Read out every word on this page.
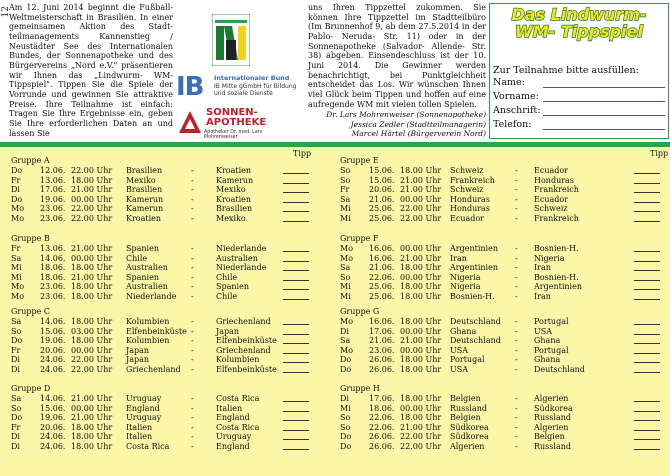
12
Am 12. Juni 2014 beginnt die Fußball- Weltmeisterschaft in Brasilien. In einer gemeinsamen Aktion des Stadt-teilmanagements Kannenstieg / Neustädter See des Internationalen Bundes, der Sonnenapotheke und des Bürgervereins „Nord e.V." präsentieren wir Ihnen das „Lindwurm- WM- Tippspiel". Tippen Sie die Spiele der Vorrunde und gewinnen Sie attraktive Preise. Ihre Teilnahme ist einfach: Tragen Sie Ihre Ergebnisse ein, geben Sie Ihre erforderlichen Daten an und lassen Sie
IB Internationaler Bund
IB Mitte gGmbH für Bildung und soziale Dienste
SONNEN-
APOTHEKE
Apotheker Dr. med. Lars Mohrenweiser
uns Ihren Tippzettel zukommen. Sie können Ihre Tippzettel im Stadtteilbüro (Im Brunnenhof 9, ab dem 27.5.2014 in der Pablo- Neruda- Str. 11) oder in der Sonnenapotheke (Salvador- Allende- Str. 38) abgeben. Einsendeschluss ist der 10. Juni 2014. Die Gewinner werden benachrichtigt, bei Punktgleichheit entscheidet das Los. Wir wünschen Ihnen viel Glück beim Tippen und hoffen auf eine aufregende WM mit vielen tollen Spielen.
Dr. Lars Mohrenweiser (Sonnenapotheke)
Jessica Zedler (Stadtteilmanagerin)
Marcel Härtel (Bürgerverein Nord)
Das Lindwurm-
WM- Tippspiel
Zur Teilnahme bitte ausfüllen:
Name:
Vorname:
Anschrift:
Telefon:
Tipp
Gruppe A
Do 12.06. 22.00 Uhr Brasilien	-	Kroatien
Fr 13.06. 18.00 Uhr Mexiko	-	Kamerun
Di	17.06. 21.00 Uhr Brasilien	-	Mexiko
Do 19.06. 00.00 Uhr Kamerun	-	Kroatien
Mo 23.06. 22.00 Uhr Kamerun	-	Brasilien
Mo 23.06. 22.00 Uhr Kroatien	-	Mexiko
Gruppe B
Fr 13.06. 21.00 Uhr Spanien	-	Niederlande
Sa 14.06. 00.00 Uhr Chile	-	Australien
Mi 18.06. 18.00 Uhr Australien	-	Niederlande
Mi 18.06. 21.00 Uhr Spanien	-	Chile
Mo 23.06. 18.00 Uhr Australien	-	Spanien
Mo 23.06. 18.00 Uhr Niederlande -	Chile
Gruppe C
Sa 14.06. 18.00 Uhr Kolumbien	-	Griechenland
So 15.06. 03.00 Uhr Elfenbeinküste -	Japan
Do 19.06. 18.00 Uhr Kolumbien	-	Elfenbeinküste
Fr 20.06. 00.00 Uhr Japan	-	Griechenland
Di	24.06. 22.00 Uhr Japan	-	Kolumbien
Di	24.06. 22.00 Uhr Griechenland -	Elfenbeinküste
Gruppe D
Sa 14.06. 21.00 Uhr Uruguay	-	Costa Rica
So 15.06. 00.00 Uhr England	-	Italien
Do 19.06. 21.00 Uhr Uruguay	-	England
Fr 20.06. 18.00 Uhr Italien	-	Costa Rica
Di	24.06. 18.00 Uhr Italien	-	Uruguay
Di	24.06. 18.00 Uhr Costa Rica	-	England
Tipp
Gruppe E
So 15.06. 18.00 Uhr Schweiz	- Ecuador
So 15.06. 21.00 Uhr Frankreich	- Honduras
Fr 20.06. 21.00 Uhr Schweiz	- Frankreich
Sa 21.06. 00.00 Uhr Honduras	- Ecuador
Mi 25.06. 22.00 Uhr Honduras	- Schweiz
Mi 25.06. 22.00 Uhr Ecuador	- Frankreich
Gruppe F
Mo 16.06. 00.00 Uhr Argentinien - Bosnien-H.
Mo 16.06. 21.00 Uhr Iran	- Nigeria
Sa 21.06. 18.00 Uhr Argentinien - Iran
So 22.06. 00.00 Uhr Nigeria	- Bosnien-H.
Mi 25.06. 18.00 Uhr Nigeria	- Argentinien
Mi 25.06. 18.00 Uhr Bosnien-H.	- Iran
Gruppe G
Mo 16.06. 18.00 Uhr Deutschland - Portugal
Di	17.06. 00.00 Uhr Ghana	- USA
Sa 21.06. 21.00 Uhr Deutschland - Ghana
Mo 23.06. 00.00 Uhr USA	- Portugal
Do 26.06. 18.00 Uhr Portugal	- Ghana
Do 26.06. 18.00 Uhr USA	- Deutschland
Gruppe H
Di	17.06. 18.00 Uhr Belgien	- Algerien
Mi 18.06. 00.00 Uhr Russland	- Südkorea
So 22.06. 18.00 Uhr Belgien	- Russland
So 22.06. 21.00 Uhr Südkorea	- Algerien
Do 26.06. 22.00 Uhr Südkorea	- Belgien
Do 26.06. 22.00 Uhr Algerien	- Russland
